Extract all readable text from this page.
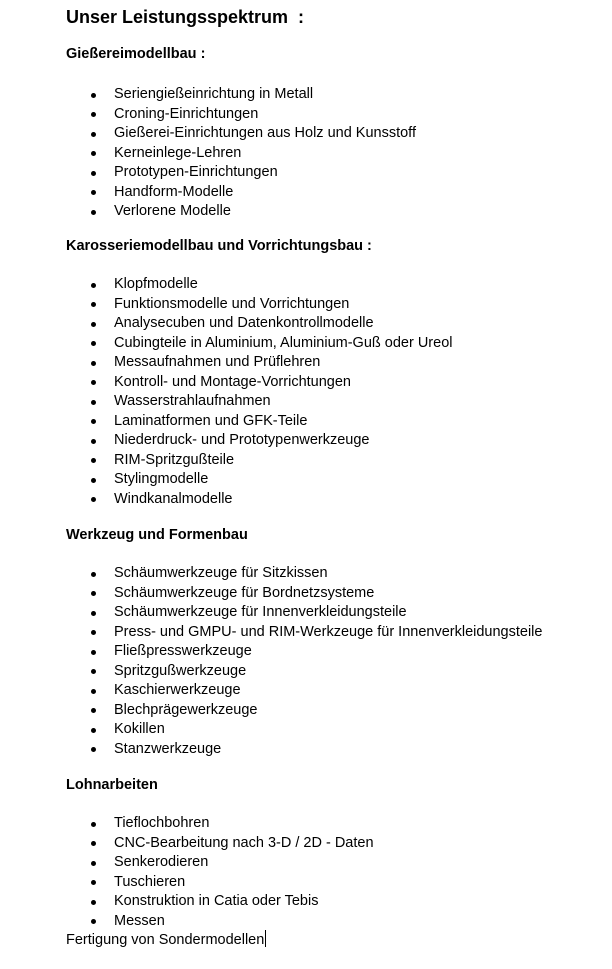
Unser Leistungsspektrum  :
Gießereimodellbau :
Seriengießeinrichtung in Metall
Croning-Einrichtungen
Gießerei-Einrichtungen aus Holz und Kunsstoff
Kerneinlege-Lehren
Prototypen-Einrichtungen
Handform-Modelle
Verlorene Modelle
Karosseriemodellbau und Vorrichtungsbau :
Klopfmodelle
Funktionsmodelle und Vorrichtungen
Analysecuben und Datenkontrollmodelle
Cubingteile in Aluminium, Aluminium-Guß oder Ureol
Messaufnahmen und Prüflehren
Kontroll- und Montage-Vorrichtungen
Wasserstrahlaufnahmen
Laminatformen und GFK-Teile
Niederdruck- und Prototypenwerkzeuge
RIM-Spritzgußteile
Stylingmodelle
Windkanalmodelle
Werkzeug und Formenbau
Schäumwerkzeuge für Sitzkissen
Schäumwerkzeuge für Bordnetzsysteme
Schäumwerkzeuge für Innenverkleidungsteile
Press- und GMPU- und RIM-Werkzeuge für Innenverkleidungsteile
Fließpresswerkzeuge
Spritzgußwerkzeuge
Kaschierwerkzeuge
Blechprägewerkzeuge
Kokillen
Stanzwerkzeuge
Lohnarbeiten
Tieflochbohren
CNC-Bearbeitung nach 3-D / 2D - Daten
Senkerodieren
Tuschieren
Konstruktion in Catia oder Tebis
Messen
Fertigung von Sondermodellen
